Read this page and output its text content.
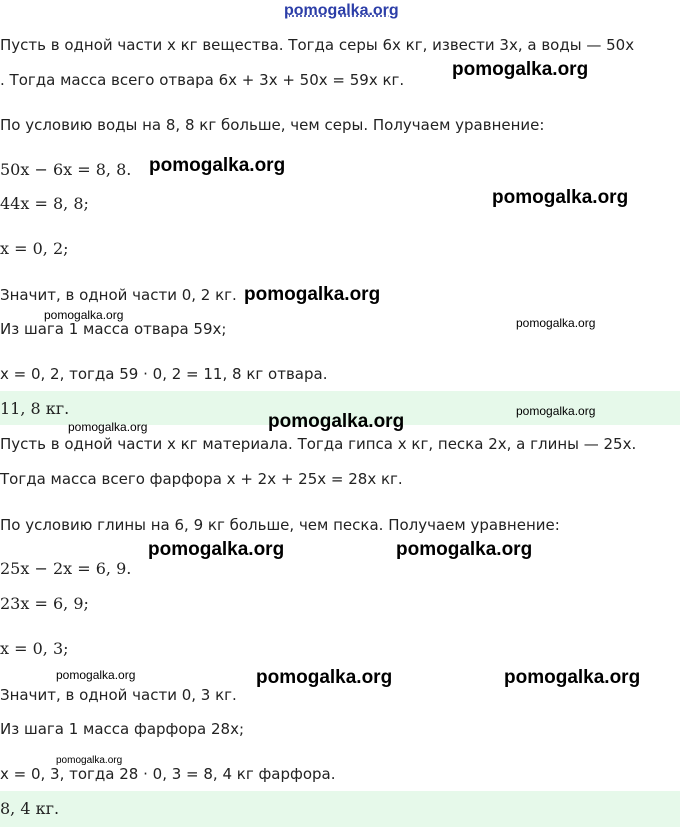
pomogalka.org
Пусть в одной части x кг вещества. Тогда серы 6x кг, извести 3x, а воды — 50x
. Тогда масса всего отвара 6x + 3x + 50x = 59x кг.
По условию воды на 8, 8 кг больше, чем серы. Получаем уравнение:
50x − 6x = 8, 8.
44x = 8, 8;
x = 0, 2;
Значит, в одной части 0, 2 кг.
Из шага 1 масса отвара 59x;
x = 0, 2, тогда 59 · 0, 2 = 11, 8 кг отвара.
11, 8 кг.
Пусть в одной части x кг материала. Тогда гипса x кг, песка 2x, а глины — 25x.
Тогда масса всего фарфора x + 2x + 25x = 28x кг.
По условию глины на 6, 9 кг больше, чем песка. Получаем уравнение:
25x − 2x = 6, 9.
23x = 6, 9;
x = 0, 3;
Значит, в одной части 0, 3 кг.
Из шага 1 масса фарфора 28x;
x = 0, 3, тогда 28 · 0, 3 = 8, 4 кг фарфора.
8, 4 кг.
pomogalka.org
pomogalka.org
pomogalka.org
pomogalka.org
pomogalka.org
pomogalka.org
pomogalka.org
pomogalka.org
pomogalka.org
pomogalka.org	pomogalka.org
pomogalka.org	pomogalka.org	pomogalka.org
pomogalka.org
